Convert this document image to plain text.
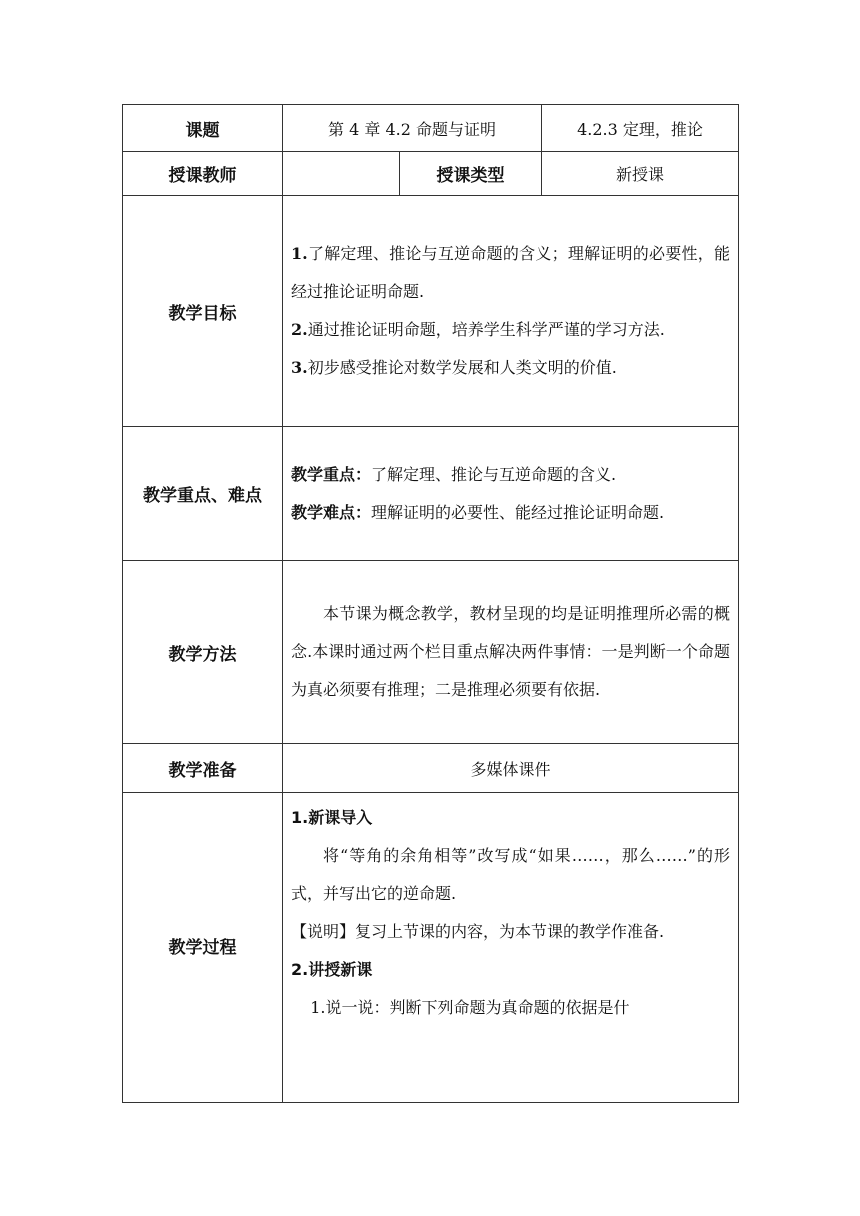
课题	第 4 章 4.2 命题与证明		4.2.3 定理，推论
授课教师		授课类型	新授课
教学目标	1.了解定理、推论与互逆命题的含义；理解证明的必要性，能经过推论证明命题.

2.通过推论证明命题，培养学生科学严谨的学习方法.

3.初步感受推论对数学发展和人类文明的价值.		

教学重点、难点	教学重点：了解定理、推论与互逆命题的含义.

教学难点：理解证明的必要性、能经过推论证明命题.		

教学方法	本节课为概念教学，教材呈现的均是证明推理所必需的概念.本课时通过两个栏目重点解决两件事情：一是判断一个命题为真必须要有推理；二是推理必须要有依据.		

教学准备	多媒体课件		
教学过程	1.新课导入

将“等角的余角相等”改写成“如果……，那么……”的形式，并写出它的逆命题.

【说明】复习上节课的内容，为本节课的教学作准备.

2.讲授新课

1.说一说：判断下列命题为真命题的依据是什		
